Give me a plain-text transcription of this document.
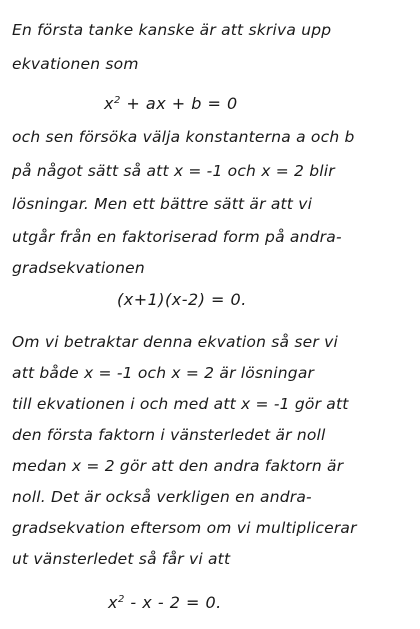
En första tanke kanske är att skriva upp
ekvationen som
$x^2$ + ax + b = 0
och sen försöka välja konstanterna a och b
på något sätt så att x = -1 och x = 2 blir
lösningar. Men ett bättre sätt är att vi
utgår från en faktoriserad form på andra-
gradsekvationen
(x+1)(x-2) = 0.
Om vi betraktar denna ekvation så ser vi
att både x = -1 och x = 2 är lösningar
till ekvationen i och med att x = -1 gör att
den första faktorn i vänsterledet är noll
medan x = 2 gör att den andra faktorn är
noll. Det är också verkligen en andra-
gradsekvation eftersom om vi multiplicerar
ut vänsterledet så får vi att
$x^2 - x - 2 = 0$.
